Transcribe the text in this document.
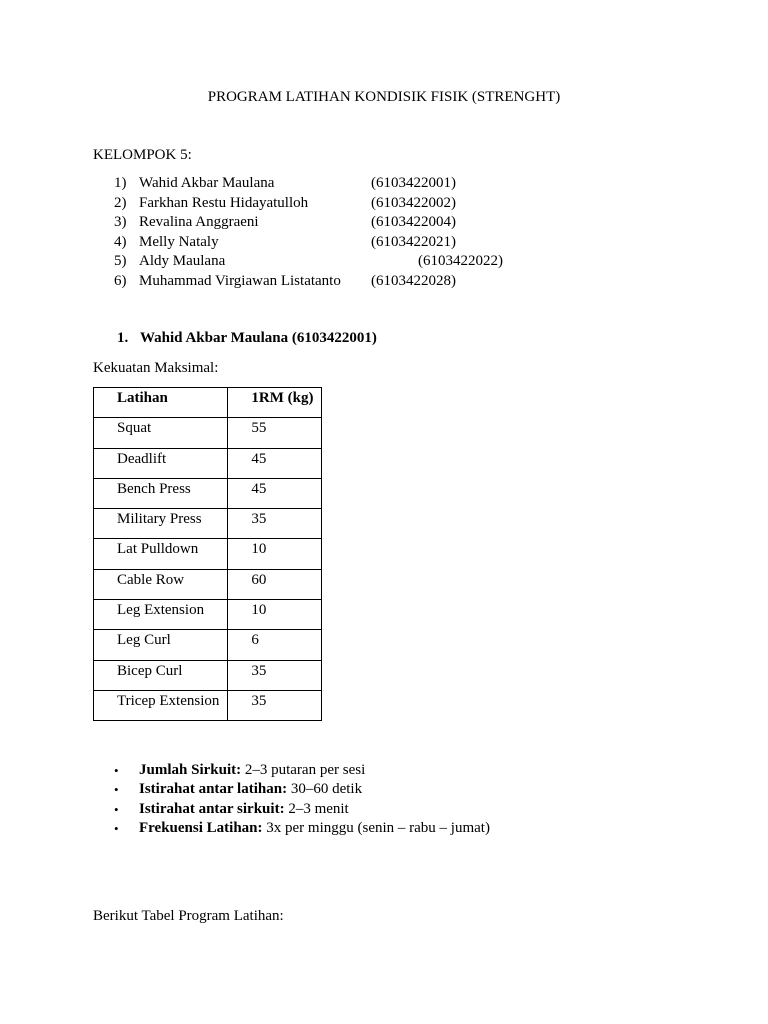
PROGRAM LATIHAN KONDISIK FISIK (STRENGHT)
KELOMPOK 5:
1) Wahid Akbar Maulana	(6103422001)
2) Farkhan Restu Hidayatulloh	(6103422002)
3) Revalina Anggraeni	(6103422004)
4) Melly Nataly	(6103422021)
5) Aldy Maulana	(6103422022)
6) Muhammad Virgiawan Listatanto (6103422028)
1. Wahid Akbar Maulana (6103422001)
Kekuatan Maksimal:
Latihan	1RM (kg)
Squat	55
Deadlift	45
Bench Press	45
Military Press	35
Lat Pulldown	10
Cable Row	60
Leg Extension	10
Leg Curl	6
Bicep Curl	35
Tricep Extension	35
• Jumlah Sirkuit: 2–3 putaran per sesi
• Istirahat antar latihan: 30–60 detik
• Istirahat antar sirkuit: 2–3 menit
• Frekuensi Latihan: 3x per minggu (senin – rabu – jumat)
Berikut Tabel Program Latihan:
